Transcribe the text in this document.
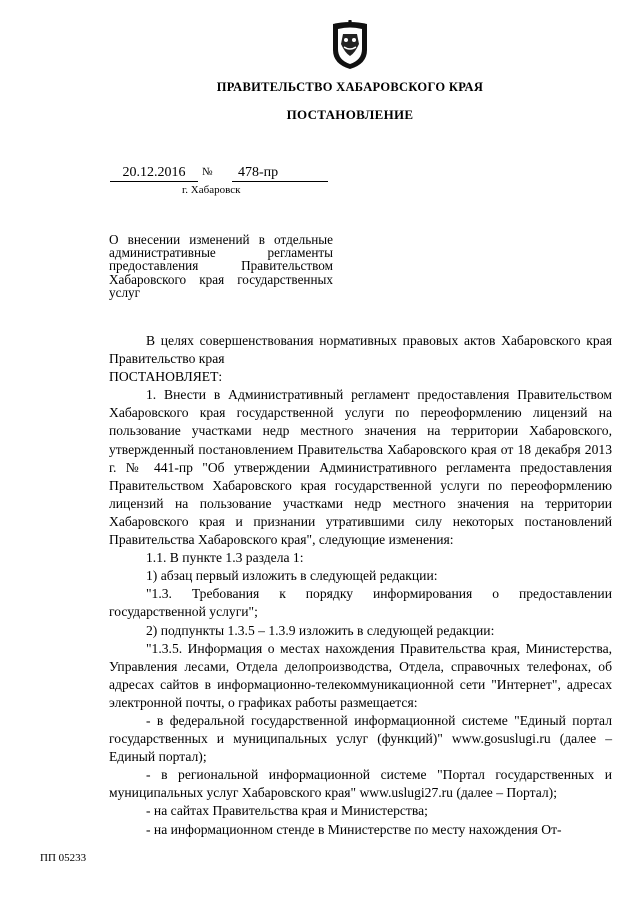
ПРАВИТЕЛЬСТВО ХАБАРОВСКОГО КРАЯ
ПОСТАНОВЛЕНИЕ
20.12.2016	№	478-пр
г. Хабаровск
О внесении изменений в отдельные административные регламенты предоставления Правительством Хабаровского края государственных услуг

В целях совершенствования нормативных правовых актов Хабаровского края Правительство края

ПОСТАНОВЛЯЕТ:

1. Внести в Административный регламент предоставления Правительством Хабаровского края государственной услуги по переоформлению лицензий на пользование участками недр местного значения на территории Хабаровского, утвержденный постановлением Правительства Хабаровского края от 18 декабря 2013 г. № 441-пр "Об утверждении Административного регламента предоставления Правительством Хабаровского края государственной услуги по переоформлению лицензий на пользование участками недр местного значения на территории Хабаровского края и признании утратившими силу некоторых постановлений Правительства Хабаровского края", следующие изменения:

1.1. В пункте 1.3 раздела 1:

1) абзац первый изложить в следующей редакции:

"1.3. Требования к порядку информирования о предоставлении государственной услуги";

2) подпункты 1.3.5 – 1.3.9 изложить в следующей редакции:

"1.3.5. Информация о местах нахождения Правительства края, Министерства, Управления лесами, Отдела делопроизводства, Отдела, справочных телефонах, об адресах сайтов в информационно-телекоммуникационной сети "Интернет", адресах электронной почты, о графиках работы размещается:

- в федеральной государственной информационной системе "Единый портал государственных и муниципальных услуг (функций)" www.gosuslugi.ru (далее – Единый портал);

- в региональной информационной системе "Портал государственных и муниципальных услуг Хабаровского края" www.uslugi27.ru (далее – Портал);

- на сайтах Правительства края и Министерства;

- на информационном стенде в Министерстве по месту нахождения От-

ПП 05233
